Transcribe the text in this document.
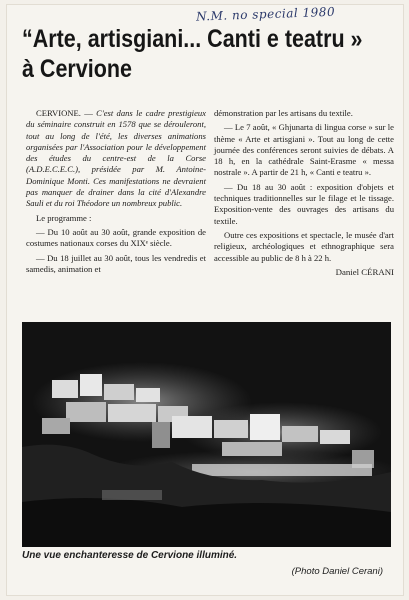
N.M. no special 1980
“Arte, artisgiani... Canti e teatru »
à Cervione

CERVIONE. — C'est dans le cadre prestigieux du séminaire construit en 1578 que se dérouleront, tout au long de l'été, les diverses animations organisées par l'Association pour le développement des études du centre-est de la Corse (A.D.E.C.E.C.), présidée par M. Antoine-Dominique Monti. Ces manifestations ne devraient pas manquer de drainer dans la cité d'Alexandre Sauli et du roi Théodore un nombreux public.

Le programme :

— Du 10 août au 30 août, grande exposition de costumes nationaux corses du XIXᵉ siècle.

— Du 18 juillet au 30 août, tous les vendredis et samedis, animation et

démonstration par les artisans du textile.

— Le 7 août, « Ghjunarta di lingua corse » sur le thème « Arte et artisgiani ». Tout au long de cette journée des conférences seront suivies de débats. A 18 h, en la cathédrale Saint-Erasme « messa nostrale ». A partir de 21 h, « Canti e teatru ».

— Du 18 au 30 août : exposition d'objets et techniques traditionnelles sur le filage et le tissage. Exposition-vente des ouvrages des artisans du textile.

Outre ces expositions et spectacle, le musée d'art religieux, archéologiques et ethnographique sera accessible au public de 8 h à 22 h.

Daniel CÉRANI
Une vue enchanteresse de Cervione illuminé.
(Photo Daniel Cerani)
